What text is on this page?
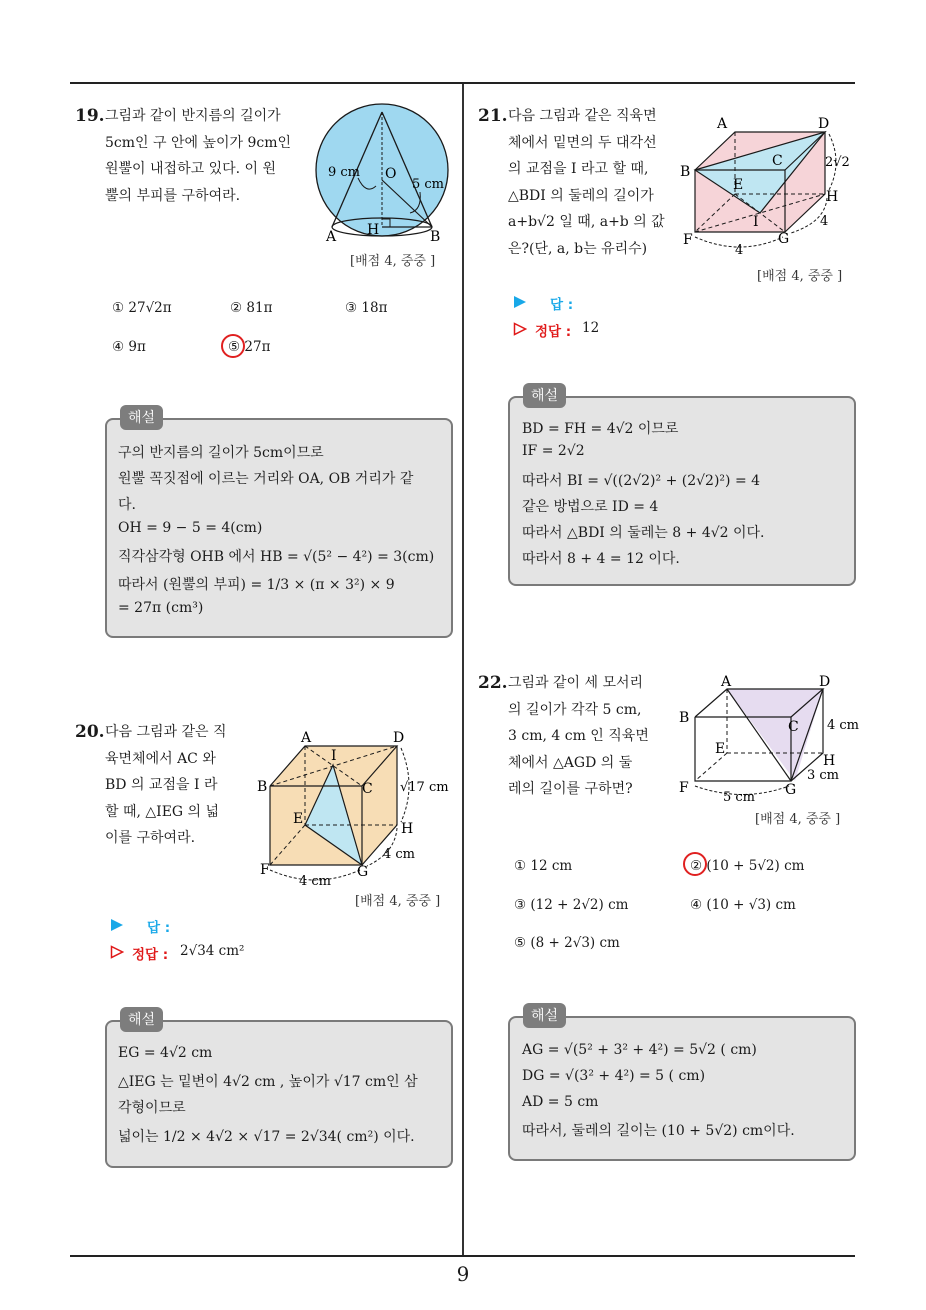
9
19. 그림과 같이 반지름의 길이가
5cm인 구 안에 높이가 9cm인
원뿔이 내접하고 있다. 이 원
뿔의 부피를 구하여라.
9 cm
5 cm
O
A H	B
[배점 4, 중중 ]
① 27√2π	② 81π	③ 18π
④ 9π	⑤ 27π
해설
구의 반지름의 길이가 5cm이므로
원뿔 꼭짓점에 이르는 거리와 OA, OB 거리가 같
다.
OH = 9 − 5 = 4(cm)
직각삼각형 OHB 에서 HB = √(5² − 4²) = 3(cm)
따라서 (원뿔의 부피) = 1/3 × (π × 3²) × 9
= 27π (cm³)
20. 다음 그림과 같은 직
육면체에서 AC 와
BD 의 교점을 I 라
할 때, △IEG 의 넓
이를 구하여라.
A
I
D
B	C
E
H
F	G
√17 cm
4 cm
4 cm
[배점 4, 중중 ]
답 :
정답 : 2√34 cm²
해설
EG = 4√2 cm
△IEG 는 밑변이 4√2 cm , 높이가 √17 cm인 삼
각형이므로
넓이는 1/2 × 4√2 × √17 = 2√34( cm²) 이다.
21. 다음 그림과 같은 직육면
체에서 밑면의 두 대각선
의 교점을 I 라고 할 때,
△BDI 의 둘레의 길이가
a+b√2 일 때, a+b 의 값
은?(단, a, b는 유리수)
A	D
B
C
E
H
I
F	G
2√2
4
4
[배점 4, 중중 ]
답 :
정답 : 12
해설
BD = FH = 4√2 이므로
IF = 2√2
따라서 BI = √((2√2)² + (2√2)²) = 4
같은 방법으로 ID = 4
따라서 △BDI 의 둘레는 8 + 4√2 이다.
따라서 8 + 4 = 12 이다.
22. 그림과 같이 세 모서리
의 길이가 각각 5 cm,
3 cm, 4 cm 인 직육면
체에서 △AGD 의 둘
레의 길이를 구하면?
A	D
B
C
E
H
F	G
4 cm
3 cm
5 cm
[배점 4, 중중 ]
① 12 cm	② (10 + 5√2) cm
③ (12 + 2√2) cm	④ (10 + √3) cm
⑤ (8 + 2√3) cm
해설
AG = √(5² + 3² + 4²) = 5√2 ( cm)
DG = √(3² + 4²) = 5 ( cm)
AD = 5 cm
따라서, 둘레의 길이는 (10 + 5√2) cm이다.
